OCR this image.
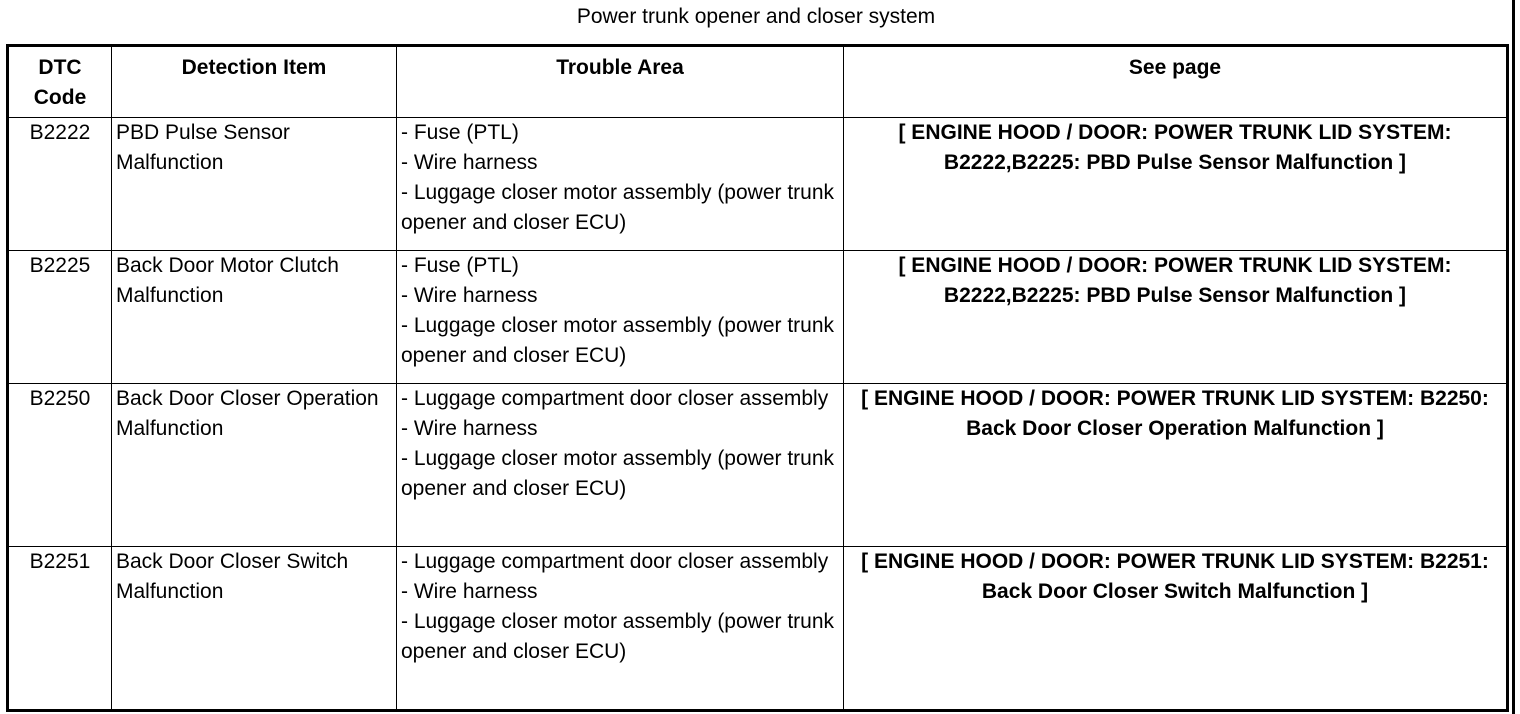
Power trunk opener and closer system
DTC Code	Detection Item	Trouble Area	See page
B2222	PBD Pulse Sensor Malfunction	- Fuse (PTL)
- Wire harness
- Luggage closer motor assembly (power trunk opener and closer ECU)	[ ENGINE HOOD / DOOR: POWER TRUNK LID SYSTEM: B2222,B2225: PBD Pulse Sensor Malfunction ]
B2225	Back Door Motor Clutch Malfunction	- Fuse (PTL)
- Wire harness
- Luggage closer motor assembly (power trunk opener and closer ECU)	[ ENGINE HOOD / DOOR: POWER TRUNK LID SYSTEM: B2222,B2225: PBD Pulse Sensor Malfunction ]
B2250	Back Door Closer Operation Malfunction	- Luggage compartment door closer assembly
- Wire harness
- Luggage closer motor assembly (power trunk opener and closer ECU)	[ ENGINE HOOD / DOOR: POWER TRUNK LID SYSTEM: B2250: Back Door Closer Operation Malfunction ]
B2251	Back Door Closer Switch Malfunction	- Luggage compartment door closer assembly
- Wire harness
- Luggage closer motor assembly (power trunk opener and closer ECU)	[ ENGINE HOOD / DOOR: POWER TRUNK LID SYSTEM: B2251: Back Door Closer Switch Malfunction ]
